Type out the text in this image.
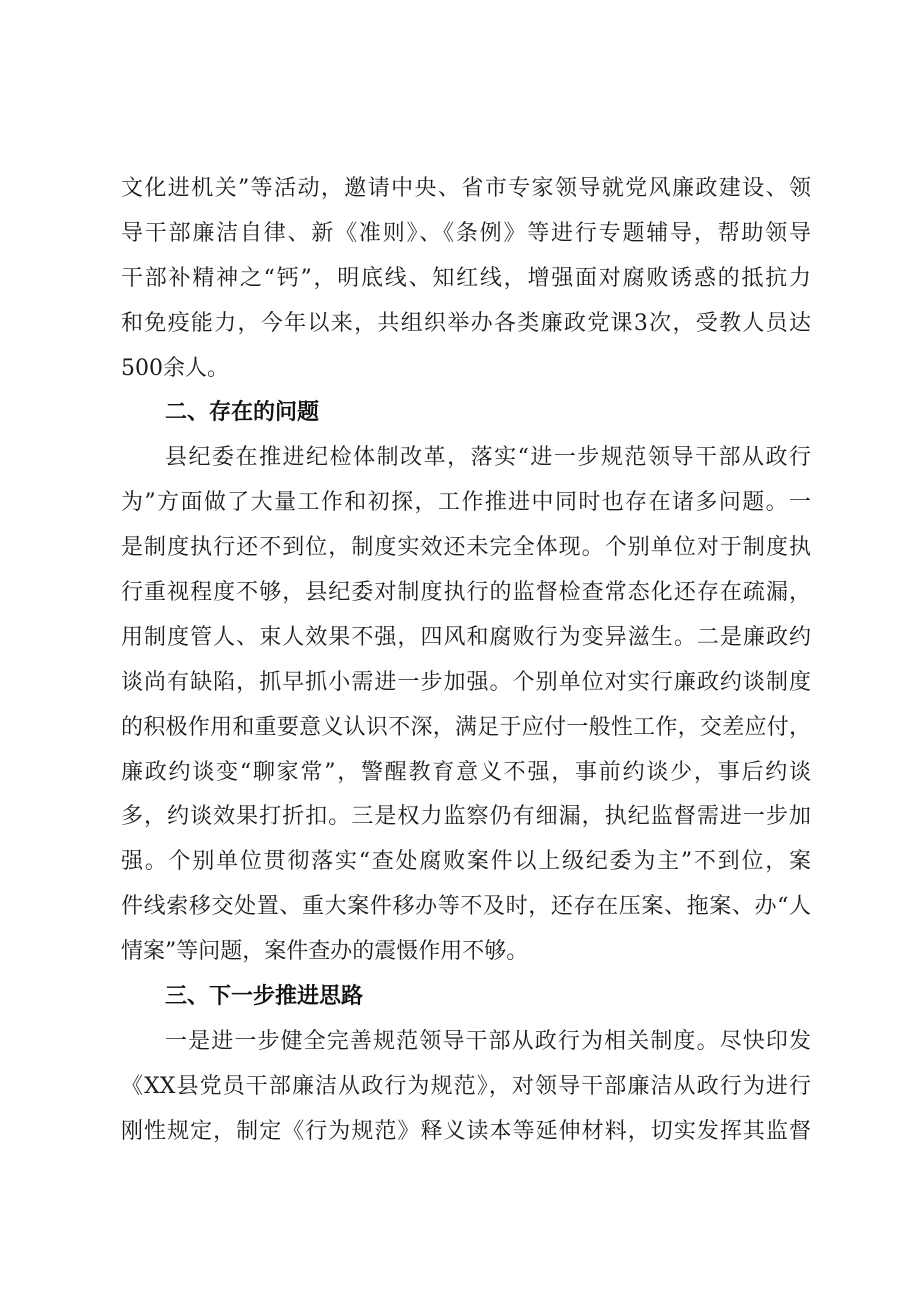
文化进机关”等活动，邀请中央、省市专家领导就党风廉政建设、领
导干部廉洁自律、新《准则》、《条例》等进行专题辅导，帮助领导
干部补精神之“钙”，明底线、知红线，增强面对腐败诱惑的抵抗力
和免疫能力，今年以来，共组织举办各类廉政党课3次，受教人员达
500余人。
二、存在的问题
县纪委在推进纪检体制改革，落实“进一步规范领导干部从政行
为”方面做了大量工作和初探，工作推进中同时也存在诸多问题。一
是制度执行还不到位，制度实效还未完全体现。个别单位对于制度执
行重视程度不够，县纪委对制度执行的监督检查常态化还存在疏漏，
用制度管人、束人效果不强，四风和腐败行为变异滋生。二是廉政约
谈尚有缺陷，抓早抓小需进一步加强。个别单位对实行廉政约谈制度
的积极作用和重要意义认识不深，满足于应付一般性工作，交差应付，
廉政约谈变“聊家常”，警醒教育意义不强，事前约谈少，事后约谈
多，约谈效果打折扣。三是权力监察仍有细漏，执纪监督需进一步加
强。个别单位贯彻落实“查处腐败案件以上级纪委为主”不到位，案
件线索移交处置、重大案件移办等不及时，还存在压案、拖案、办“人
情案”等问题，案件查办的震慑作用不够。
三、下一步推进思路
一是进一步健全完善规范领导干部从政行为相关制度。尽快印发
《XX县党员干部廉洁从政行为规范》，对领导干部廉洁从政行为进行
刚性规定，制定《行为规范》释义读本等延伸材料，切实发挥其监督
